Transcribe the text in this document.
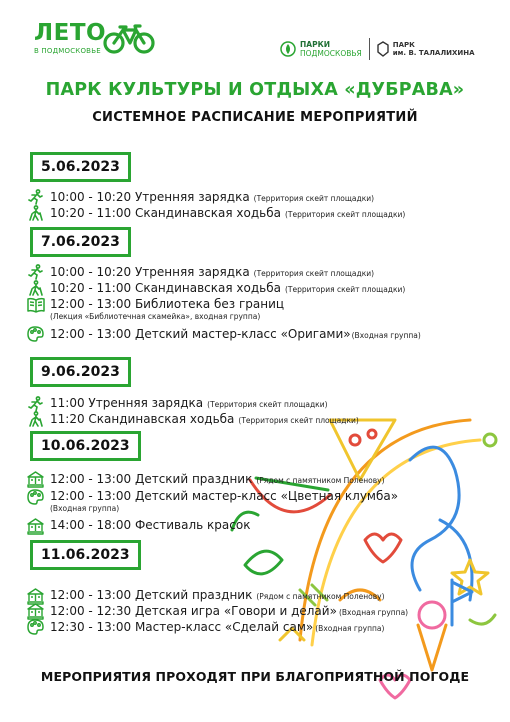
ЛЕТО
В ПОДМОСКОВЬЕ
ПАРКИ
ПОДМОСКОВЬЯ
ПАРК
им. В. ТАЛАЛИХИНА
ПАРК КУЛЬТУРЫ И ОТДЫХА «ДУБРАВА»
СИСТЕМНОЕ РАСПИСАНИЕ МЕРОПРИЯТИЙ
5.06.2023
10:00 - 10:20 Утренняя зарядка (Территория скейт площадки)
10:20 - 11:00 Скандинавская ходьба (Территория скейт площадки)
7.06.2023
10:00 - 10:20 Утренняя зарядка (Территория скейт площадки)
10:20 - 11:00 Скандинавская ходьба (Территория скейт площадки)
12:00 - 13:00 Библиотека без границ
(Лекция «Библиотечная скамейка», входная группа)
12:00 - 13:00 Детский мастер-класс «Оригами»(Входная группа)
9.06.2023
11:00 Утренняя зарядка (Территория скейт площадки)
11:20 Скандинавская ходьба (Территория скейт площадки)
10.06.2023
12:00 - 13:00 Детский праздник (Рядом с памятником Поленову)
12:00 - 13:00 Детский мастер-класс «Цветная клумба»
(Входная группа)
14:00 - 18:00 Фестиваль красок
11.06.2023
12:00 - 13:00 Детский праздник (Рядом с памятником Поленову)
12:00 - 12:30 Детская игра «Говори и делай» (Входная группа)
12:30 - 13:00 Мастер-класс «Сделай сам» (Входная группа)
МЕРОПРИЯТИЯ ПРОХОДЯТ ПРИ БЛАГОПРИЯТНОЙ ПОГОДЕ
